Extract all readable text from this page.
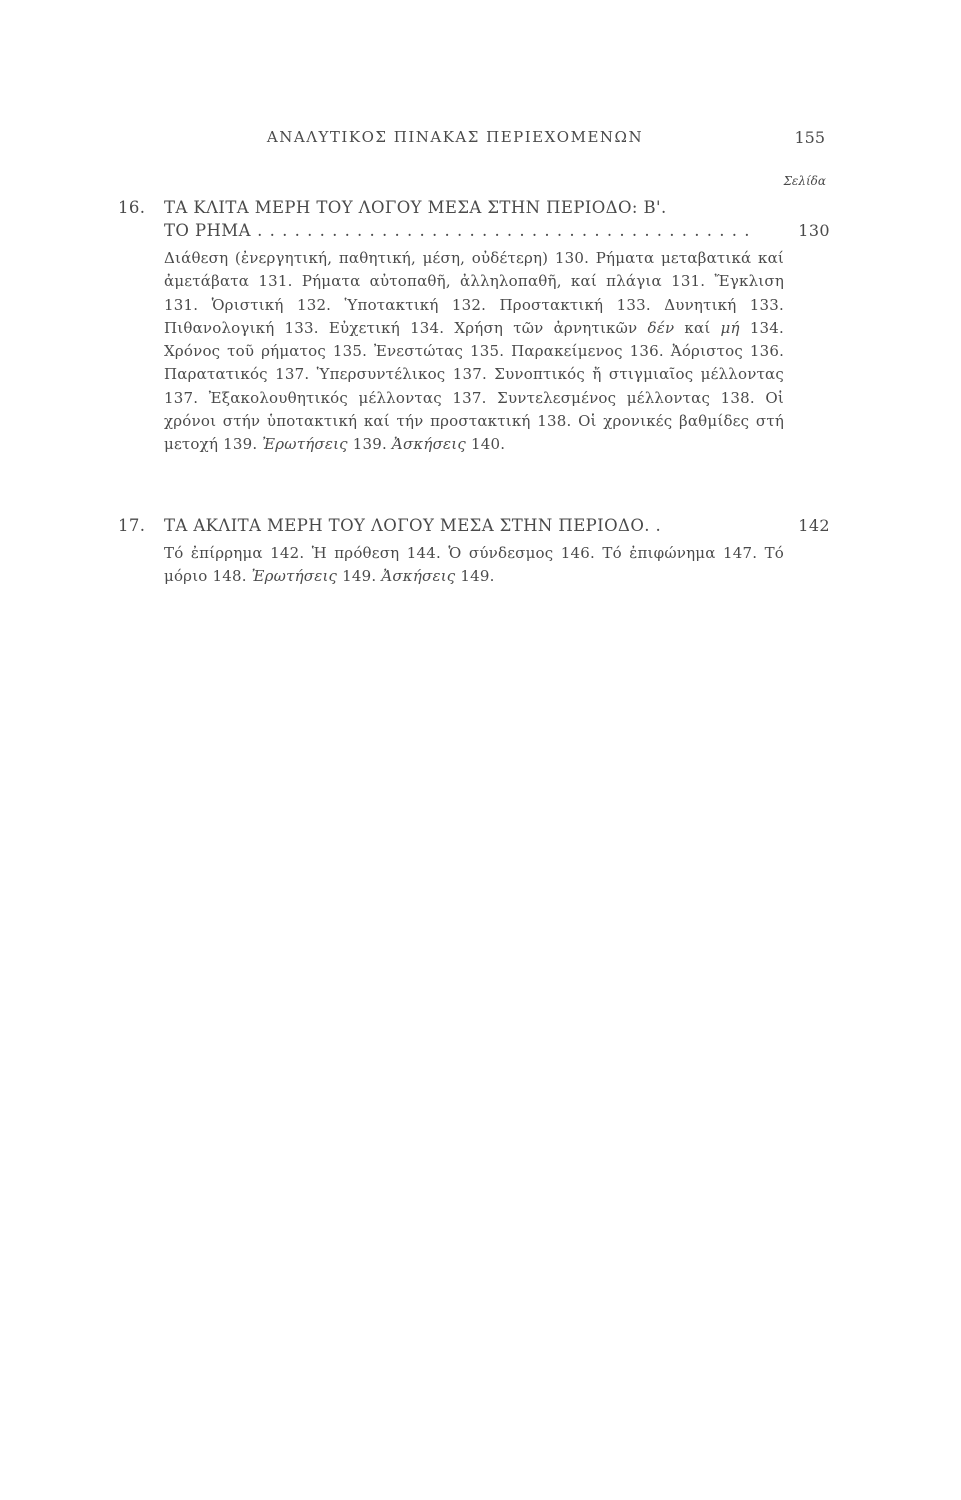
ΑΝΑΛΥΤΙΚΟΣ ΠΙΝΑΚΑΣ ΠΕΡΙΕΧΟΜΕΝΩΝ	155
Σελίδα
16.	ΤΑ ΚΛΙΤΑ ΜΕΡΗ ΤΟΥ ΛΟΓΟΥ ΜΕΣΑ ΣΤΗΝ ΠΕΡΙΟΔΟ: Β'.
ΤΟ ΡΗΜΑ . . .	130
Διάθεση (ἐνεργητική, παθητική, μέση, οὐδέτερη) 130. Ρήματα μεταβατικά καί ἀμετάβατα 131. Ρήματα αὐτοπαθῆ, ἀλληλοπαθῆ, καί πλάγια 131. Ἔγκλιση 131. Ὁριστική 132. Ὑποτακτική 132. Προστακτική 133. Δυνητική 133. Πιθανολογική 133. Εὐχετική 134. Χρήση τῶν ἀρνητικῶν δέν καί μή 134. Χρόνος τοῦ ρήματος 135. Ἐνεστώτας 135. Παρακείμενος 136. Ἀόριστος 136. Παρατατικός 137. Ὑπερσυντέλικος 137. Συνοπτικός ἤ στιγμιαῖος μέλλοντας 137. Ἐξακολουθητικός μέλλοντας 137. Συντελεσμένος μέλλοντας 138. Οἱ χρόνοι στήν ὑποτακτική καί τήν προστακτική 138. Οἱ χρονικές βαθμίδες στή μετοχή 139. Ἐρωτήσεις 139. Ἀσκήσεις 140.
17.	ΤΑ ΑΚΛΙΤΑ ΜΕΡΗ ΤΟΥ ΛΟΓΟΥ ΜΕΣΑ ΣΤΗΝ ΠΕΡΙΟΔΟ. .	142
Τό ἐπίρρημα 142. Ἡ πρόθεση 144. Ὁ σύνδεσμος 146. Τό ἐπιφώνημα 147. Τό μόριο 148. Ἐρωτήσεις 149. Ἀσκήσεις 149.
